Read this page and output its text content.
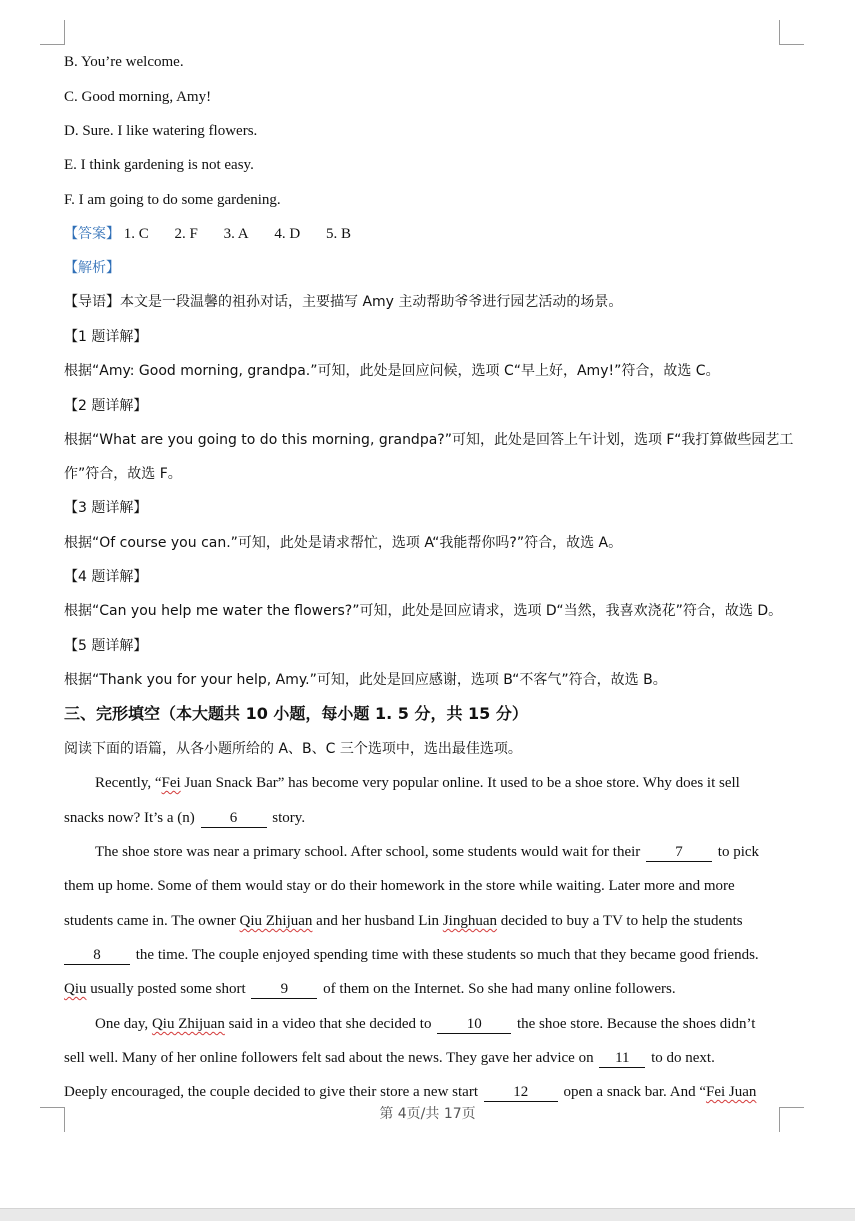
B. You’re welcome.
C. Good morning, Amy!
D. Sure. I like watering flowers.
E. I think gardening is not easy.
F. I am going to do some gardening.
【答案】 1. C 2. F 3. A 4. D 5. B
【解析】
【导语】本文是一段温馨的祖孙对话，主要描写 Amy 主动帮助爷爷进行园艺活动的场景。
【1 题详解】
根据“Amy: Good morning, grandpa.”可知，此处是回应问候，选项 C“早上好，Amy!”符合，故选 C。
【2 题详解】
根据“What are you going to do this morning, grandpa?”可知，此处是回答上午计划，选项 F“我打算做些园艺工
作”符合，故选 F。
【3 题详解】
根据“Of course you can.”可知，此处是请求帮忙，选项 A“我能帮你吗?”符合，故选 A。
【4 题详解】
根据“Can you help me water the flowers?”可知，此处是回应请求，选项 D“当然，我喜欢浇花”符合，故选 D。
【5 题详解】
根据“Thank you for your help, Amy.”可知，此处是回应感谢，选项 B“不客气”符合，故选 B。
三、完形填空（本大题共 10 小题，每小题 1. 5 分，共 15 分）
阅读下面的语篇，从各小题所给的 A、B、C 三个选项中，选出最佳选项。
Recently, “Fei Juan Snack Bar” has become very popular online. It used to be a shoe store. Why does it sell
snacks now? It’s a (n) 6 story.
The shoe store was near a primary school. After school, some students would wait for their 7 to pick
them up home. Some of them would stay or do their homework in the store while waiting. Later more and more
students came in. The owner Qiu Zhijuan and her husband Lin Jinghuan decided to buy a TV to help the students
8 the time. The couple enjoyed spending time with these students so much that they became good friends.
Qiu usually posted some short 9 of them on the Internet. So she had many online followers.
One day, Qiu Zhijuan said in a video that she decided to 10 the shoe store. Because the shoes didn’t
sell well. Many of her online followers felt sad about the news. They gave her advice on 11 to do next.
Deeply encouraged, the couple decided to give their store a new start 12 open a snack bar. And “Fei Juan
第 4页/共 17页
